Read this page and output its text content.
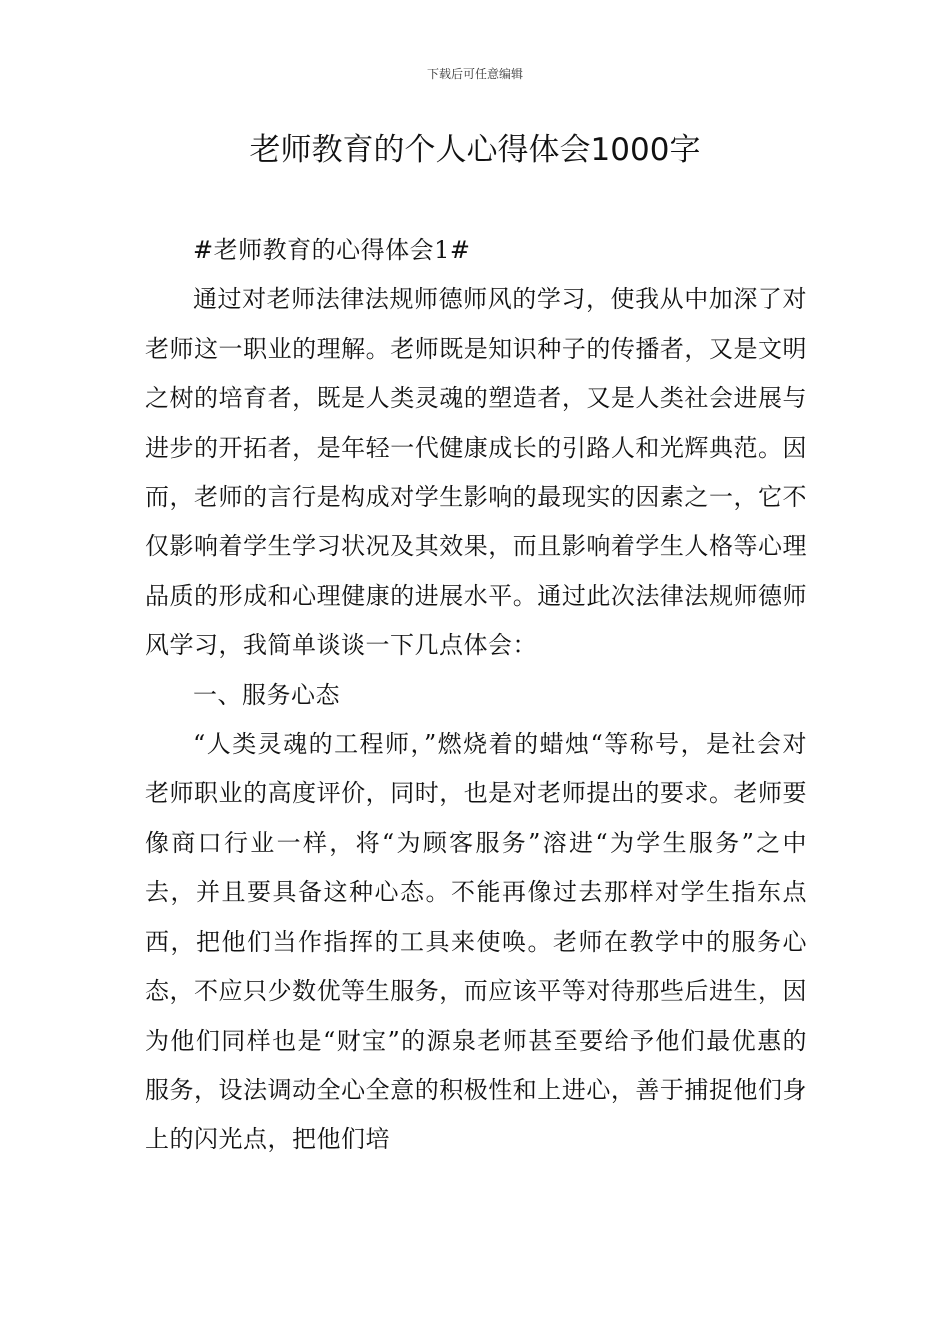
下载后可任意编辑
老师教育的个人心得体会1000字

#老师教育的心得体会1#

通过对老师法律法规师德师风的学习，使我从中加深了对老师这一职业的理解。老师既是知识种子的传播者，又是文明之树的培育者，既是人类灵魂的塑造者，又是人类社会进展与进步的开拓者，是年轻一代健康成长的引路人和光辉典范。因而，老师的言行是构成对学生影响的最现实的因素之一，它不仅影响着学生学习状况及其效果，而且影响着学生人格等心理品质的形成和心理健康的进展水平。通过此次法律法规师德师风学习，我简单谈谈一下几点体会：

一、服务心态

“人类灵魂的工程师，”燃烧着的蜡烛“等称号，是社会对老师职业的高度评价，同时，也是对老师提出的要求。老师要像商口行业一样，将“为顾客服务”溶进“为学生服务”之中去，并且要具备这种心态。不能再像过去那样对学生指东点西，把他们当作指挥的工具来使唤。老师在教学中的服务心态，不应只少数优等生服务，而应该平等对待那些后进生，因为他们同样也是“财宝”的源泉老师甚至要给予他们最优惠的服务，设法调动全心全意的积极性和上进心，善于捕捉他们身上的闪光点，把他们培
